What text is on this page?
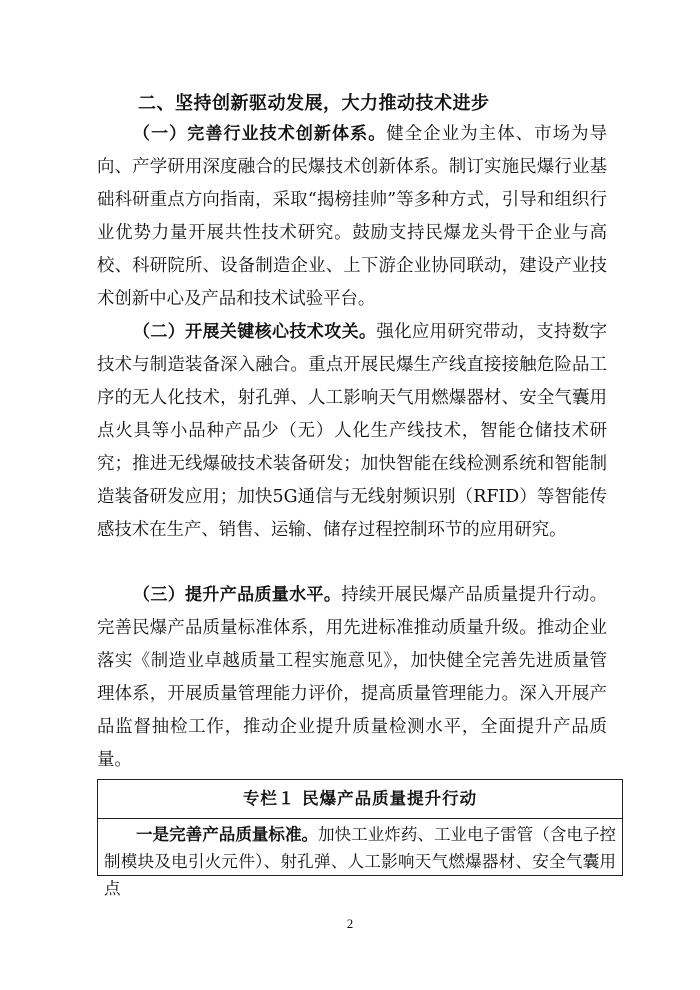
二、坚持创新驱动发展，大力推动技术进步

（一）完善行业技术创新体系。健全企业为主体、市场为导向、产学研用深度融合的民爆技术创新体系。制订实施民爆行业基础科研重点方向指南，采取“揭榜挂帅”等多种方式，引导和组织行业优势力量开展共性技术研究。鼓励支持民爆龙头骨干企业与高校、科研院所、设备制造企业、上下游企业协同联动，建设产业技术创新中心及产品和技术试验平台。

（二）开展关键核心技术攻关。强化应用研究带动，支持数字技术与制造装备深入融合。重点开展民爆生产线直接接触危险品工序的无人化技术，射孔弹、人工影响天气用燃爆器材、安全气囊用点火具等小品种产品少（无）人化生产线技术，智能仓储技术研究；推进无线爆破技术装备研发；加快智能在线检测系统和智能制造装备研发应用；加快5G通信与无线射频识别（RFID）等智能传感技术在生产、销售、运输、储存过程控制环节的应用研究。

（三）提升产品质量水平。持续开展民爆产品质量提升行动。完善民爆产品质量标准体系，用先进标准推动质量升级。推动企业落实《制造业卓越质量工程实施意见》，加快健全完善先进质量管理体系，开展质量管理能力评价，提高质量管理能力。深入开展产品监督抽检工作，推动企业提升质量检测水平，全面提升产品质量。

专栏１ 民爆产品质量提升行动
一是完善产品质量标准。加快工业炸药、工业电子雷管（含电子控制模块及电引火元件）、射孔弹、人工影响天气燃爆器材、安全气囊用点
2
